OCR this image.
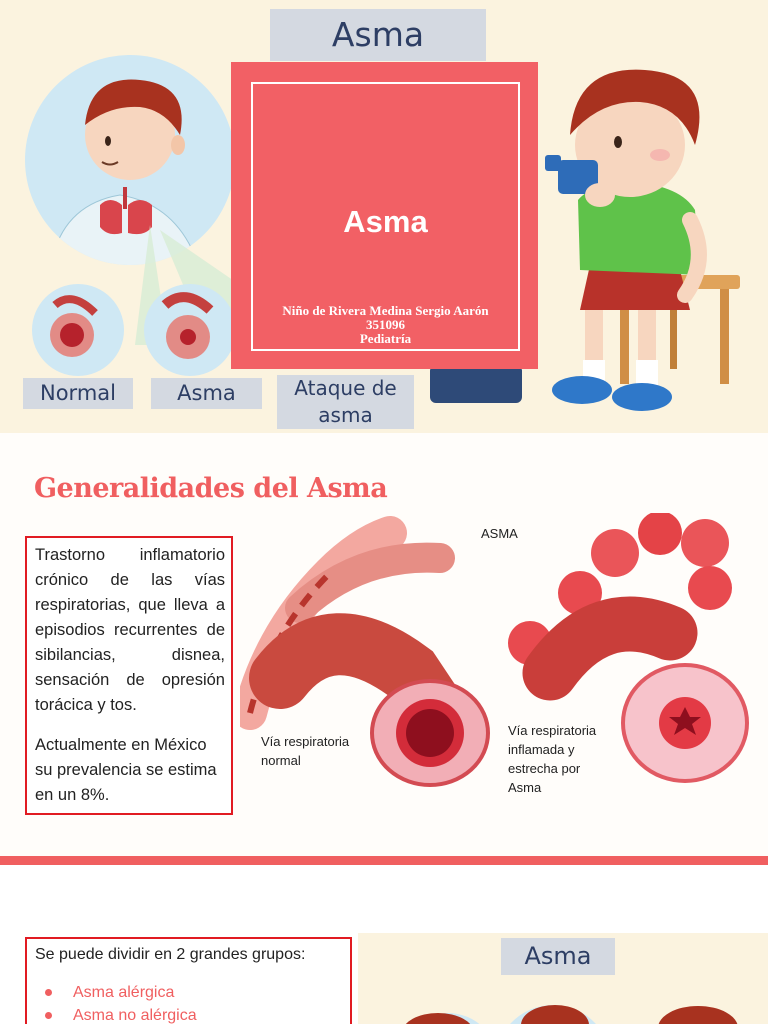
Asma
Normal	Asma	Ataque de
asma
Asma
Niño de Rivera Medina Sergio Aarón
351096
Pediatría
Generalidades del Asma

Trastorno inflamatorio crónico de las vías respiratorias, que lleva a episodios recurrentes de sibilancias, disnea, sensación de opresión torácica y tos.

Actualmente en México su prevalencia se estima en un 8%.

ASMA
Vía respiratoria
normal
Vía respiratoria
inflamada y
estrecha por
Asma
Se puede dividir en 2 grandes grupos:
Asma alérgica
Asma no alérgica
Asma
